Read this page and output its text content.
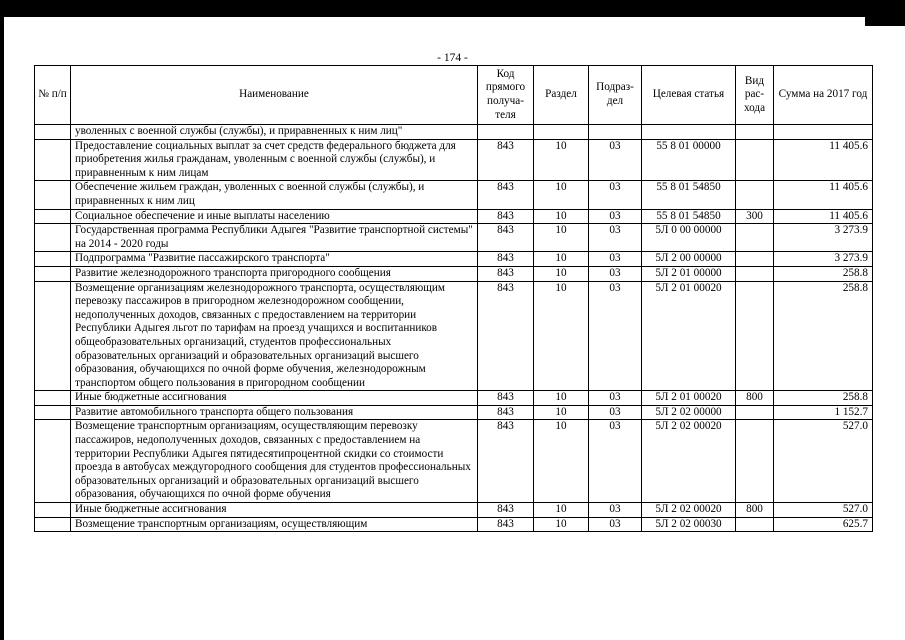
- 174 -
№ п/п	Наименование	Код прямого получа-теля	Раздел	Подраз-дел	Целевая статья	Вид рас-хода	Сумма на 2017 год
	уволенных с военной службы (службы), и приравненных к ним лиц"						
	Предоставление социальных выплат за счет средств федерального бюджета для приобретения жилья гражданам, уволенным с военной службы (службы), и приравненным к ним лицам	843	10	03	55 8 01 00000		11 405.6
	Обеспечение жильем граждан, уволенных с военной службы (службы), и приравненных к ним лиц	843	10	03	55 8 01 54850		11 405.6
	Социальное обеспечение и иные выплаты населению	843	10	03	55 8 01 54850	300	11 405.6
	Государственная программа Республики Адыгея "Развитие транспортной системы" на 2014 - 2020 годы	843	10	03	5Л 0 00 00000		3 273.9
	Подпрограмма "Развитие пассажирского транспорта"	843	10	03	5Л 2 00 00000		3 273.9
	Развитие железнодорожного транспорта пригородного сообщения	843	10	03	5Л 2 01 00000		258.8
	Возмещение организациям железнодорожного транспорта, осуществляющим перевозку пассажиров в пригородном железнодорожном сообщении, недополученных доходов, связанных с предоставлением на территории Республики Адыгея льгот по тарифам на проезд учащихся и воспитанников общеобразовательных организаций, студентов профессиональных образовательных организаций и образовательных организаций высшего образования, обучающихся по очной форме обучения, железнодорожным транспортом общего пользования в пригородном сообщении	843	10	03	5Л 2 01 00020		258.8
	Иные бюджетные ассигнования	843	10	03	5Л 2 01 00020	800	258.8
	Развитие автомобильного транспорта общего пользования	843	10	03	5Л 2 02 00000		1 152.7
	Возмещение транспортным организациям, осуществляющим перевозку пассажиров, недополученных доходов, связанных с предоставлением на территории Республики Адыгея пятидесятипроцентной скидки со стоимости проезда в автобусах междугородного сообщения для студентов профессиональных образовательных организаций и образовательных организаций высшего образования, обучающихся по очной форме обучения	843	10	03	5Л 2 02 00020		527.0
	Иные бюджетные ассигнования	843	10	03	5Л 2 02 00020	800	527.0
	Возмещение транспортным организациям, осуществляющим	843	10	03	5Л 2 02 00030		625.7
